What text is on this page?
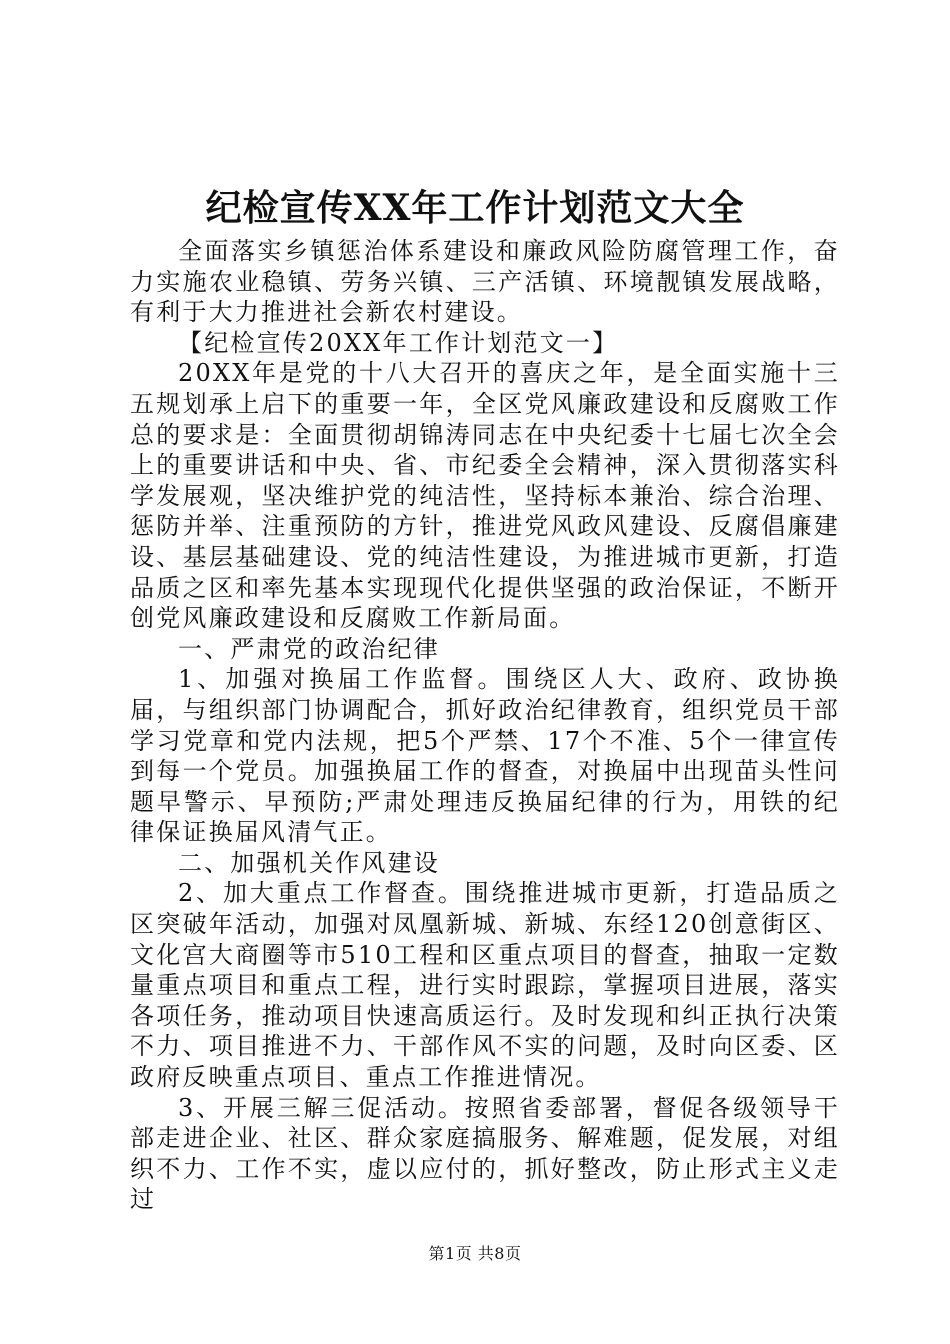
纪检宣传XX年工作计划范文大全

全面落实乡镇惩治体系建设和廉政风险防腐管理工作，奋力实施农业稳镇、劳务兴镇、三产活镇、环境靓镇发展战略，有利于大力推进社会新农村建设。

【纪检宣传20XX年工作计划范文一】

20XX年是党的十八大召开的喜庆之年，是全面实施十三五规划承上启下的重要一年，全区党风廉政建设和反腐败工作总的要求是：全面贯彻胡锦涛同志在中央纪委十七届七次全会上的重要讲话和中央、省、市纪委全会精神，深入贯彻落实科学发展观，坚决维护党的纯洁性，坚持标本兼治、综合治理、惩防并举、注重预防的方针，推进党风政风建设、反腐倡廉建设、基层基础建设、党的纯洁性建设，为推进城市更新，打造品质之区和率先基本实现现代化提供坚强的政治保证，不断开创党风廉政建设和反腐败工作新局面。

一、严肃党的政治纪律

1、加强对换届工作监督。围绕区人大、政府、政协换届，与组织部门协调配合，抓好政治纪律教育，组织党员干部学习党章和党内法规，把5个严禁、17个不准、5个一律宣传到每一个党员。加强换届工作的督查，对换届中出现苗头性问题早警示、早预防;严肃处理违反换届纪律的行为，用铁的纪律保证换届风清气正。

二、加强机关作风建设

2、加大重点工作督查。围绕推进城市更新，打造品质之区突破年活动，加强对凤凰新城、新城、东经120创意街区、文化宫大商圈等市510工程和区重点项目的督查，抽取一定数量重点项目和重点工程，进行实时跟踪，掌握项目进展，落实各项任务，推动项目快速高质运行。及时发现和纠正执行决策不力、项目推进不力、干部作风不实的问题，及时向区委、区政府反映重点项目、重点工作推进情况。

3、开展三解三促活动。按照省委部署，督促各级领导干部走进企业、社区、群众家庭搞服务、解难题，促发展，对组织不力、工作不实，虚以应付的，抓好整改，防止形式主义走过

第1页 共8页
